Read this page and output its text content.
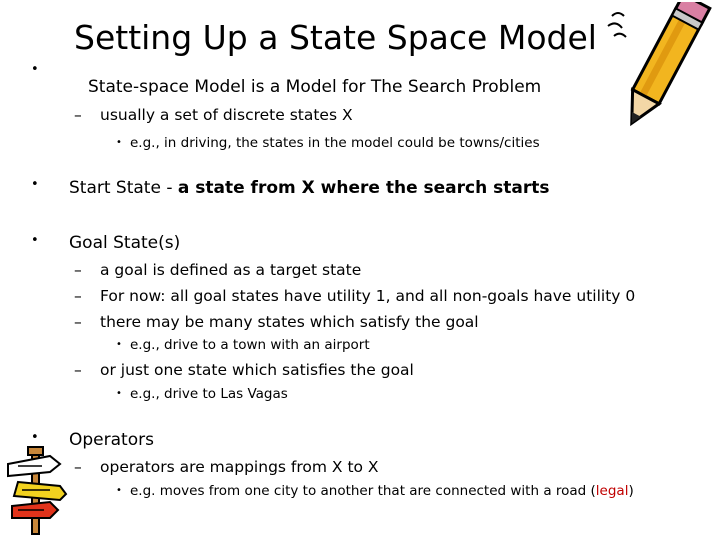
Setting Up a State Space Model
•
State-space Model is a Model for The Search Problem
– usually a set of discrete states X
• e.g., in driving, the states in the model could be towns/cities
• Start State - a state from X where the search starts
• Goal State(s)
– a goal is defined as a target state
– For now: all goal states have utility 1, and all non-goals have utility 0
– there may be many states which satisfy the goal
• e.g., drive to a town with an airport
– or just one state which satisfies the goal
• e.g., drive to Las Vagas
• Operators
– operators are mappings from X to X
• e.g. moves from one city to another that are connected with a road (legal)
